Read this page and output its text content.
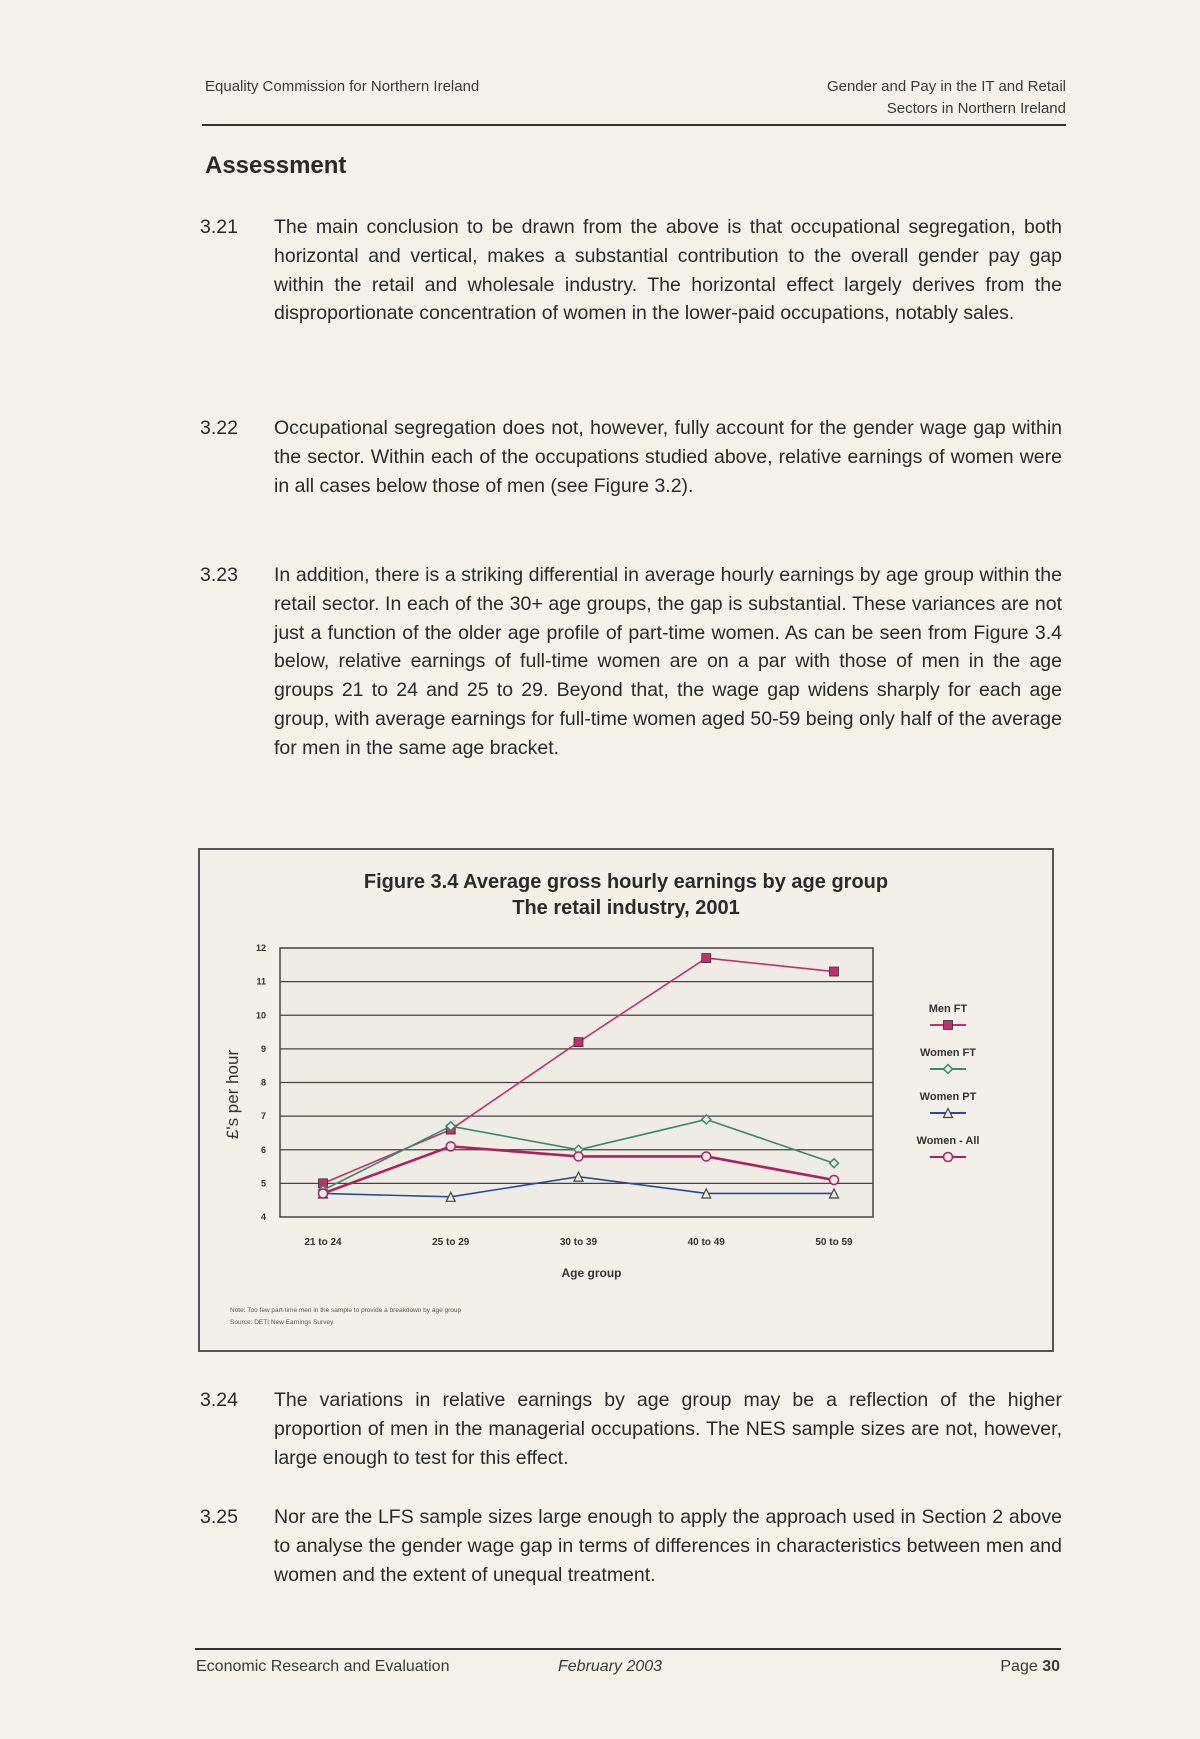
Equality Commission for Northern Ireland	Gender and Pay in the IT and Retail
Sectors in Northern Ireland
Assessment
3.21	The main conclusion to be drawn from the above is that occupational segregation, both horizontal and vertical, makes a substantial contribution to the overall gender pay gap within the retail and wholesale industry. The horizontal effect largely derives from the disproportionate concentration of women in the lower-paid occupations, notably sales.
3.22	Occupational segregation does not, however, fully account for the gender wage gap within the sector. Within each of the occupations studied above, relative earnings of women were in all cases below those of men (see Figure 3.2).
3.23	In addition, there is a striking differential in average hourly earnings by age group within the retail sector. In each of the 30+ age groups, the gap is substantial. These variances are not just a function of the older age profile of part-time women. As can be seen from Figure 3.4 below, relative earnings of full-time women are on a par with those of men in the age groups 21 to 24 and 25 to 29. Beyond that, the wage gap widens sharply for each age group, with average earnings for full-time women aged 50-59 being only half of the average for men in the same age bracket.
Figure 3.4 Average gross hourly earnings by age group
The retail industry, 2001
4
5
6
7
8
9
10
11
12
21 to 24	25 to 29	30 to 39	40 to 49	50 to 59
Age group
£'s per hour
Men FT
Women FT
Women PT
Women - All
Note: Too few part-time men in the sample to provide a breakdown by age group
Source: DETI New Earnings Survey
3.24	The variations in relative earnings by age group may be a reflection of the higher proportion of men in the managerial occupations. The NES sample sizes are not, however, large enough to test for this effect.
3.25	Nor are the LFS sample sizes large enough to apply the approach used in Section 2 above to analyse the gender wage gap in terms of differences in characteristics between men and women and the extent of unequal treatment.
Economic Research and Evaluation	February 2003	Page 30
